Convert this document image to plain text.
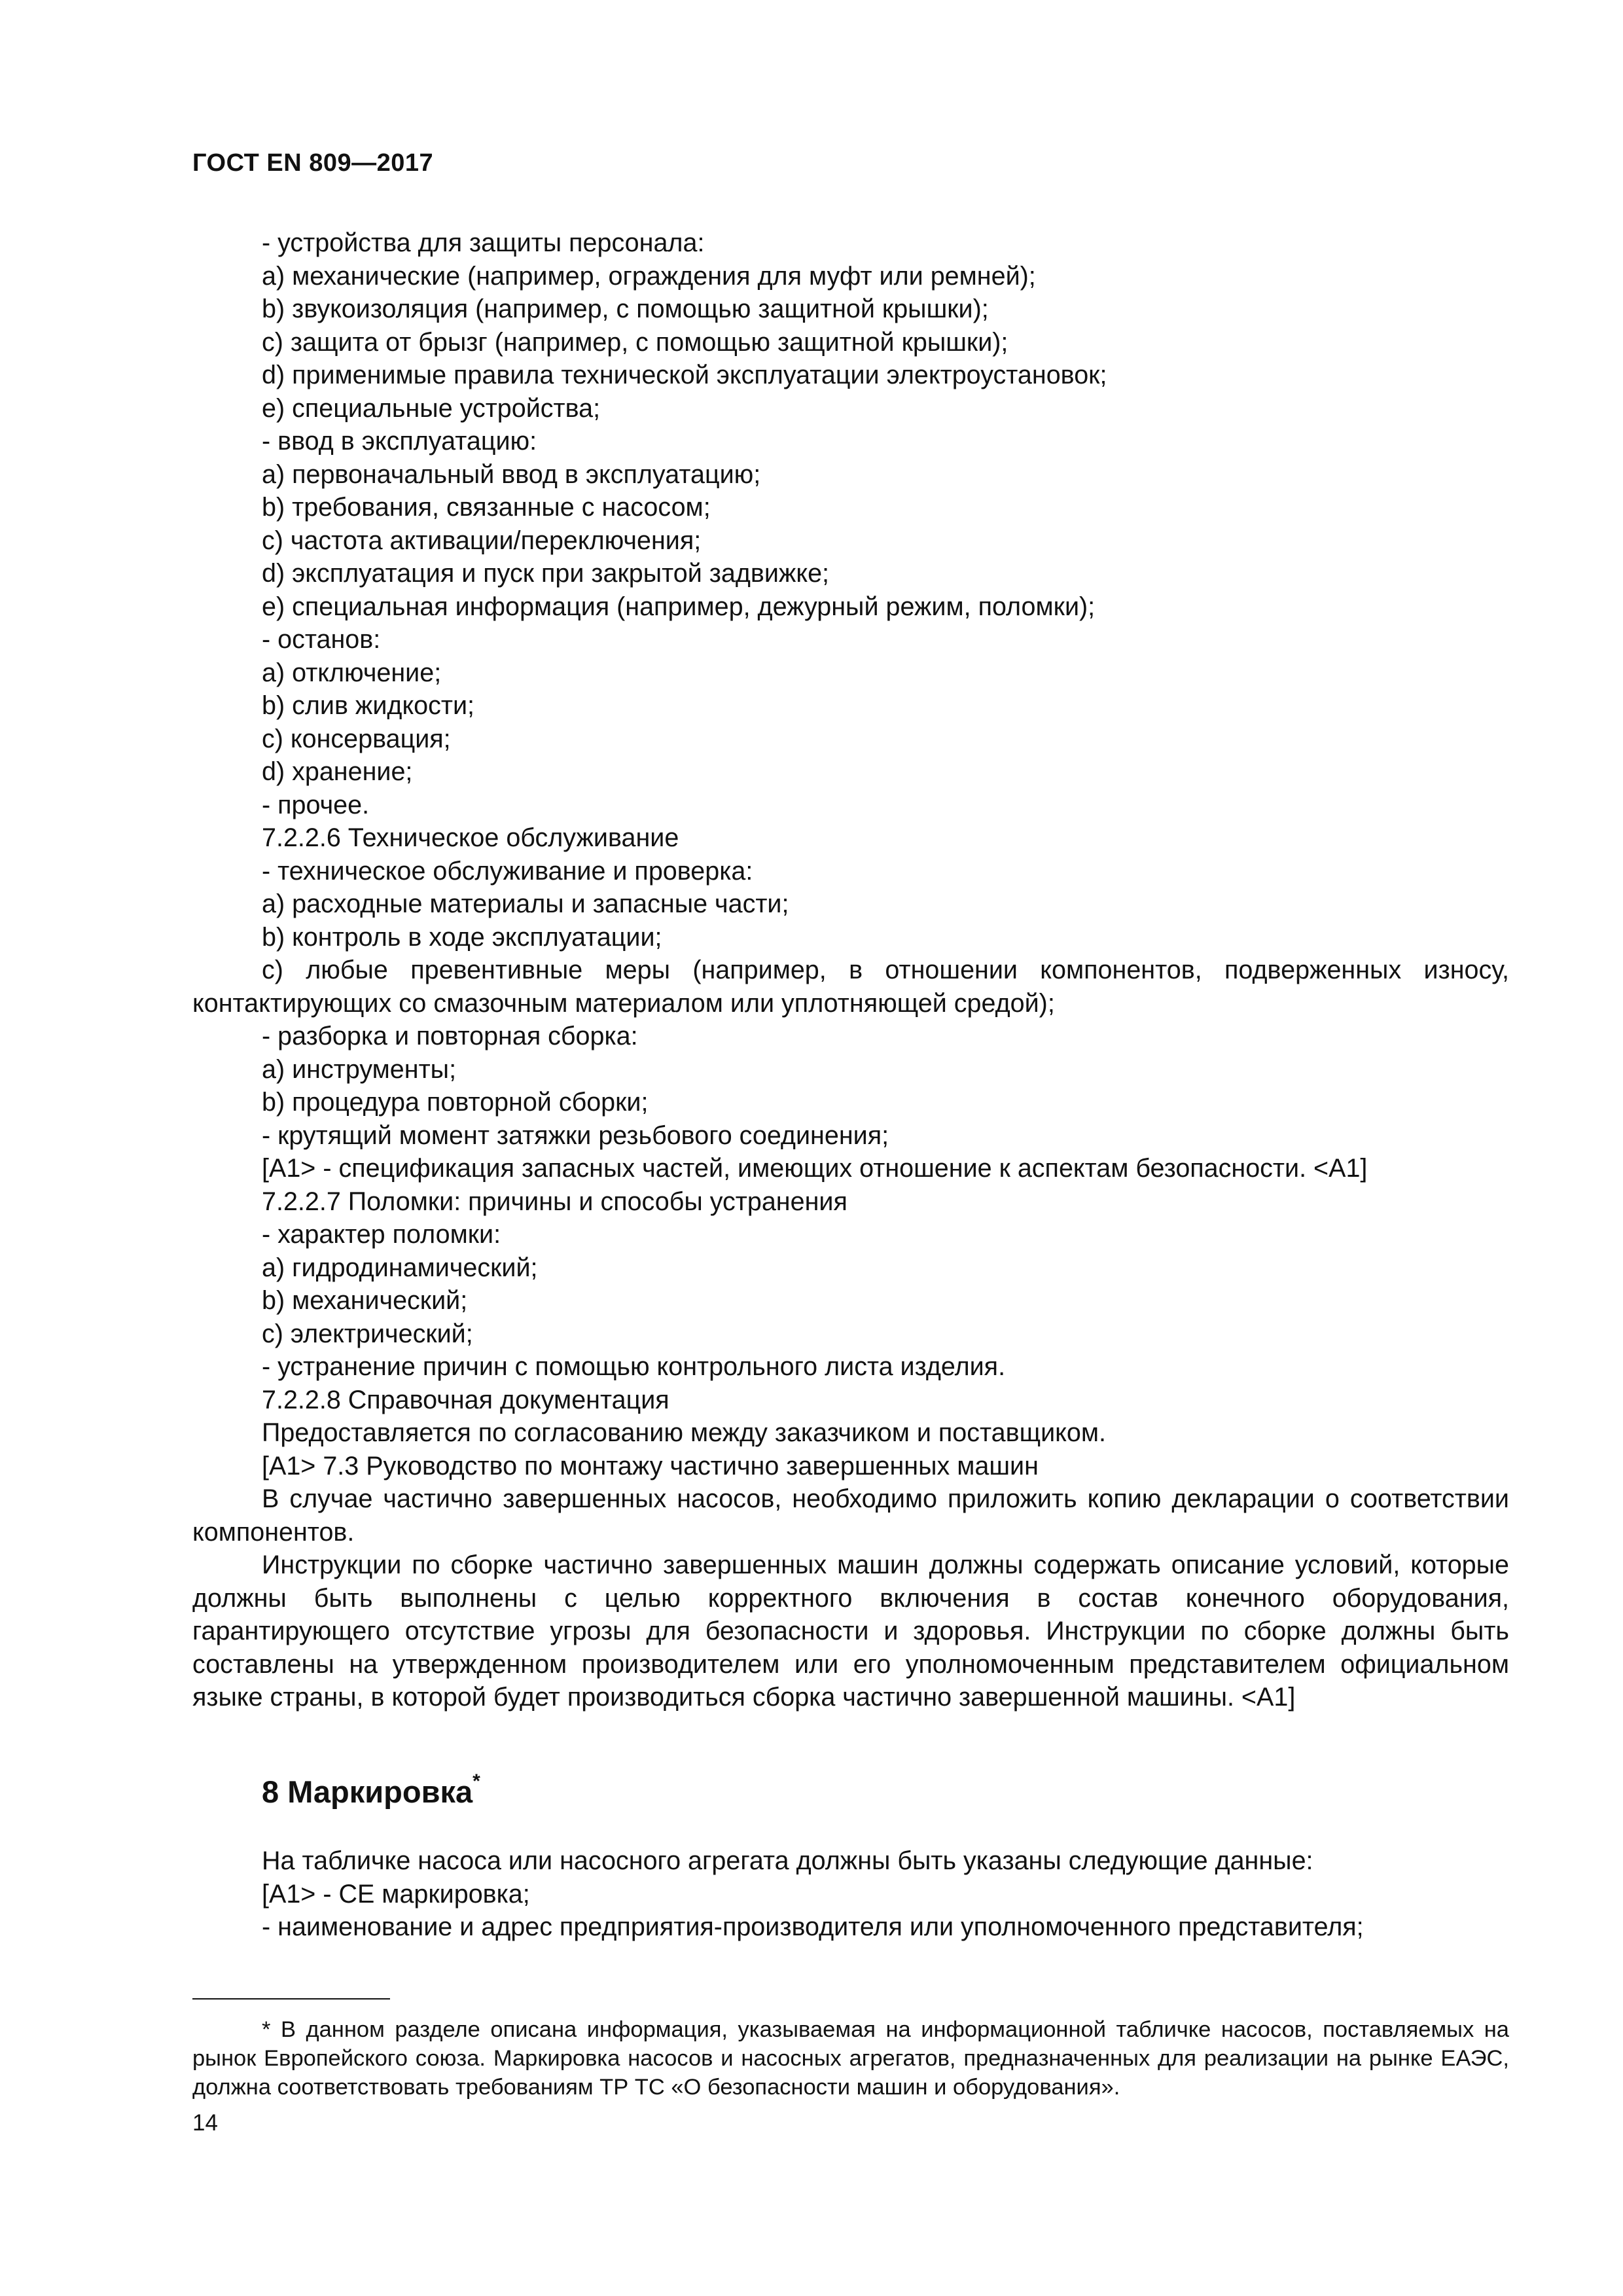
ГОСТ EN 809—2017

- устройства для защиты персонала:

a) механические (например, ограждения для муфт или ремней);

b) звукоизоляция (например, с помощью защитной крышки);

c) защита от брызг (например, с помощью защитной крышки);

d) применимые правила технической эксплуатации электроустановок;

e) специальные устройства;

- ввод в эксплуатацию:

a) первоначальный ввод в эксплуатацию;

b) требования, связанные с насосом;

c) частота активации/переключения;

d) эксплуатация и пуск при закрытой задвижке;

e) специальная информация (например, дежурный режим, поломки);

- останов:

a) отключение;

b) слив жидкости;

c) консервация;

d) хранение;

- прочее.

7.2.2.6 Техническое обслуживание

- техническое обслуживание и проверка:

a) расходные материалы и запасные части;

b) контроль в ходе эксплуатации;

c) любые превентивные меры (например, в отношении компонентов, подверженных износу, контактирующих со смазочным материалом или уплотняющей средой);

- разборка и повторная сборка:

a) инструменты;

b) процедура повторной сборки;

- крутящий момент затяжки резьбового соединения;

[А1> - спецификация запасных частей, имеющих отношение к аспектам безопасности. <А1]

7.2.2.7 Поломки: причины и способы устранения

- характер поломки:

a) гидродинамический;

b) механический;

c) электрический;

- устранение причин с помощью контрольного листа изделия.

7.2.2.8 Справочная документация

Предоставляется по согласованию между заказчиком и поставщиком.

[А1> 7.3 Руководство по монтажу частично завершенных машин

В случае частично завершенных насосов, необходимо приложить копию декларации о соответствии компонентов.

Инструкции по сборке частично завершенных машин должны содержать описание условий, которые должны быть выполнены с целью корректного включения в состав конечного оборудования, гарантирующего отсутствие угрозы для безопасности и здоровья. Инструкции по сборке должны быть составлены на утвержденном производителем или его уполномоченным представителем официальном языке страны, в которой будет производиться сборка частично завершенной машины. <А1]

8 Маркировка*

На табличке насоса или насосного агрегата должны быть указаны следующие данные:

[А1> - СЕ маркировка;

- наименование и адрес предприятия-производителя или уполномоченного представителя;

* В данном разделе описана информация, указываемая на информационной табличке насосов, поставляемых на рынок Европейского союза. Маркировка насосов и насосных агрегатов, предназначенных для реализации на рынке ЕАЭС, должна соответствовать требованиям ТР ТС «О безопасности машин и оборудования».

14
